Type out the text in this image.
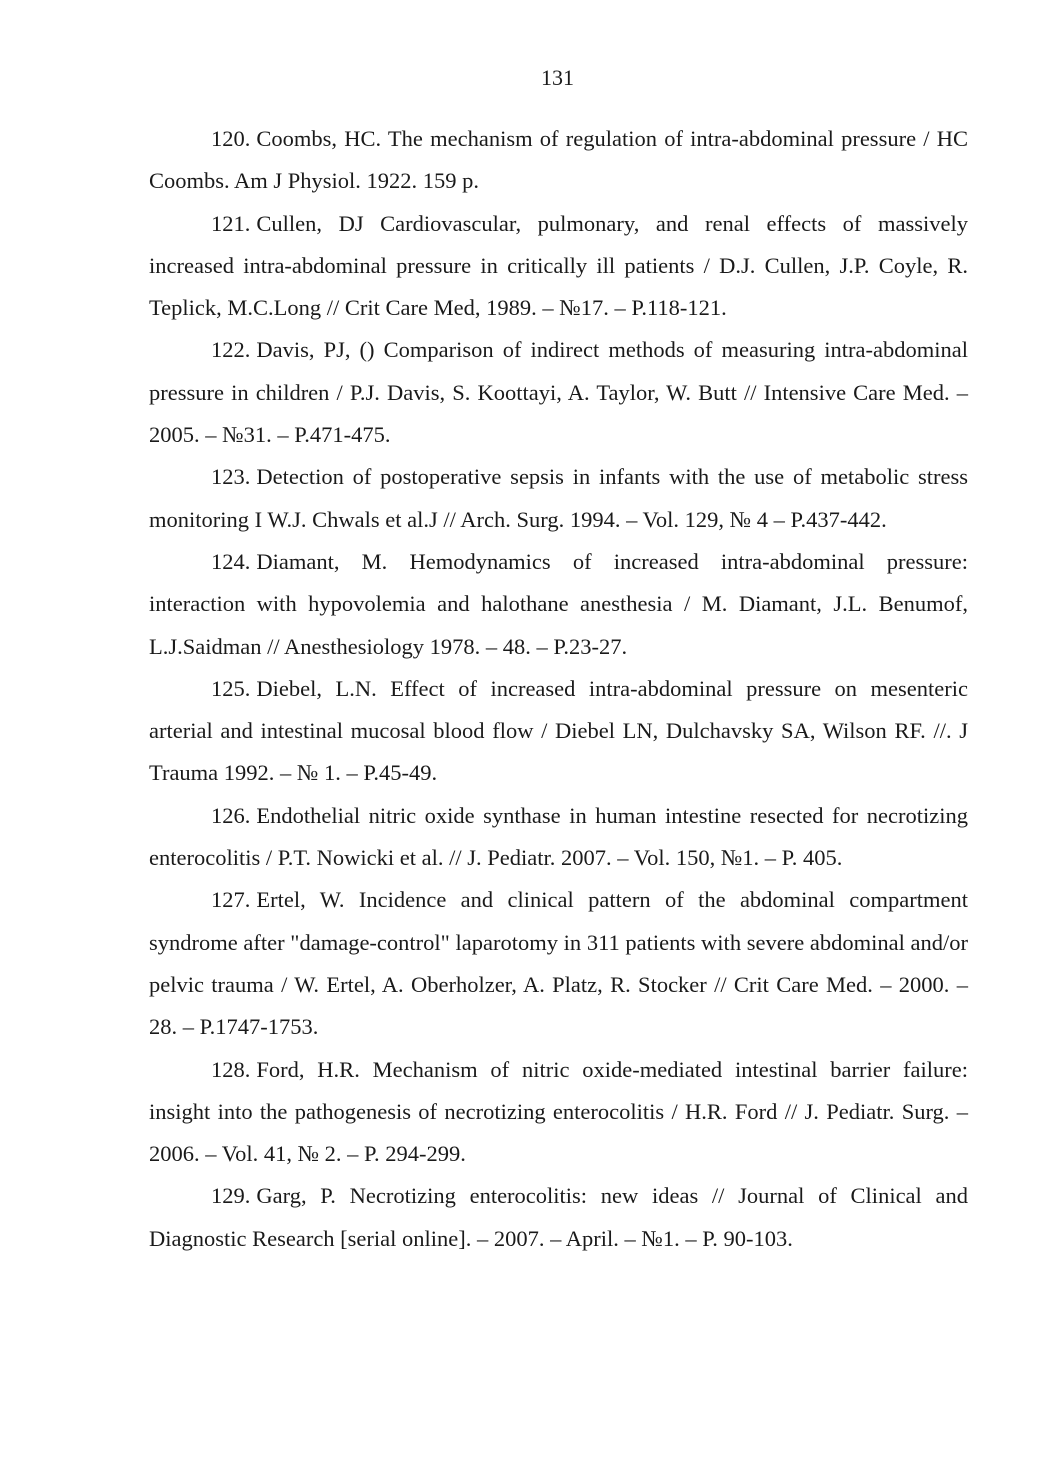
131
120. Coombs, HC. The mechanism of regulation of intra-abdominal pressure / HC Coombs. Am J Physiol. 1922. 159 p.
121. Cullen, DJ Cardiovascular, pulmonary, and renal effects of massively increased intra-abdominal pressure in critically ill patients / D.J. Cullen, J.P. Coyle, R. Teplick, M.C.Long // Crit Care Med, 1989. – №17. – P.118-121.
122. Davis, PJ, () Comparison of indirect methods of measuring intra-abdominal pressure in children / P.J. Davis, S. Koottayi, A. Taylor, W. Butt // Intensive Care Med. – 2005. – №31. – P.471-475.
123. Detection of postoperative sepsis in infants with the use of metabolic stress monitoring I W.J. Chwals et al.J // Arch. Surg. 1994. – Vol. 129, № 4 – P.437-442.
124. Diamant, M. Hemodynamics of increased intra-abdominal pressure: interaction with hypovolemia and halothane anesthesia / M. Diamant, J.L. Benumof, L.J.Saidman // Anesthesiology 1978. – 48. – P.23-27.
125. Diebel, L.N. Effect of increased intra-abdominal pressure on mesenteric arterial and intestinal mucosal blood flow / Diebel LN, Dulchavsky SA, Wilson RF. //. J Trauma 1992. – № 1. – P.45-49.
126. Endothelial nitric oxide synthase in human intestine resected for necrotizing enterocolitis / P.T. Nowicki et al. // J. Pediatr. 2007. – Vol. 150, №1. – P. 405.
127. Ertel, W. Incidence and clinical pattern of the abdominal compartment syndrome after "damage-control" laparotomy in 311 patients with severe abdominal and/or pelvic trauma / W. Ertel, A. Oberholzer, A. Platz, R. Stocker // Crit Care Med. – 2000. – 28. – P.1747-1753.
128. Ford, H.R. Mechanism of nitric oxide-mediated intestinal barrier failure: insight into the pathogenesis of necrotizing enterocolitis / H.R. Ford // J. Pediatr. Surg. – 2006. – Vol. 41, № 2. – P. 294-299.
129. Garg, P. Necrotizing enterocolitis: new ideas // Journal of Clinical and Diagnostic Research [serial online]. – 2007. – April. – №1. – P. 90-103.
